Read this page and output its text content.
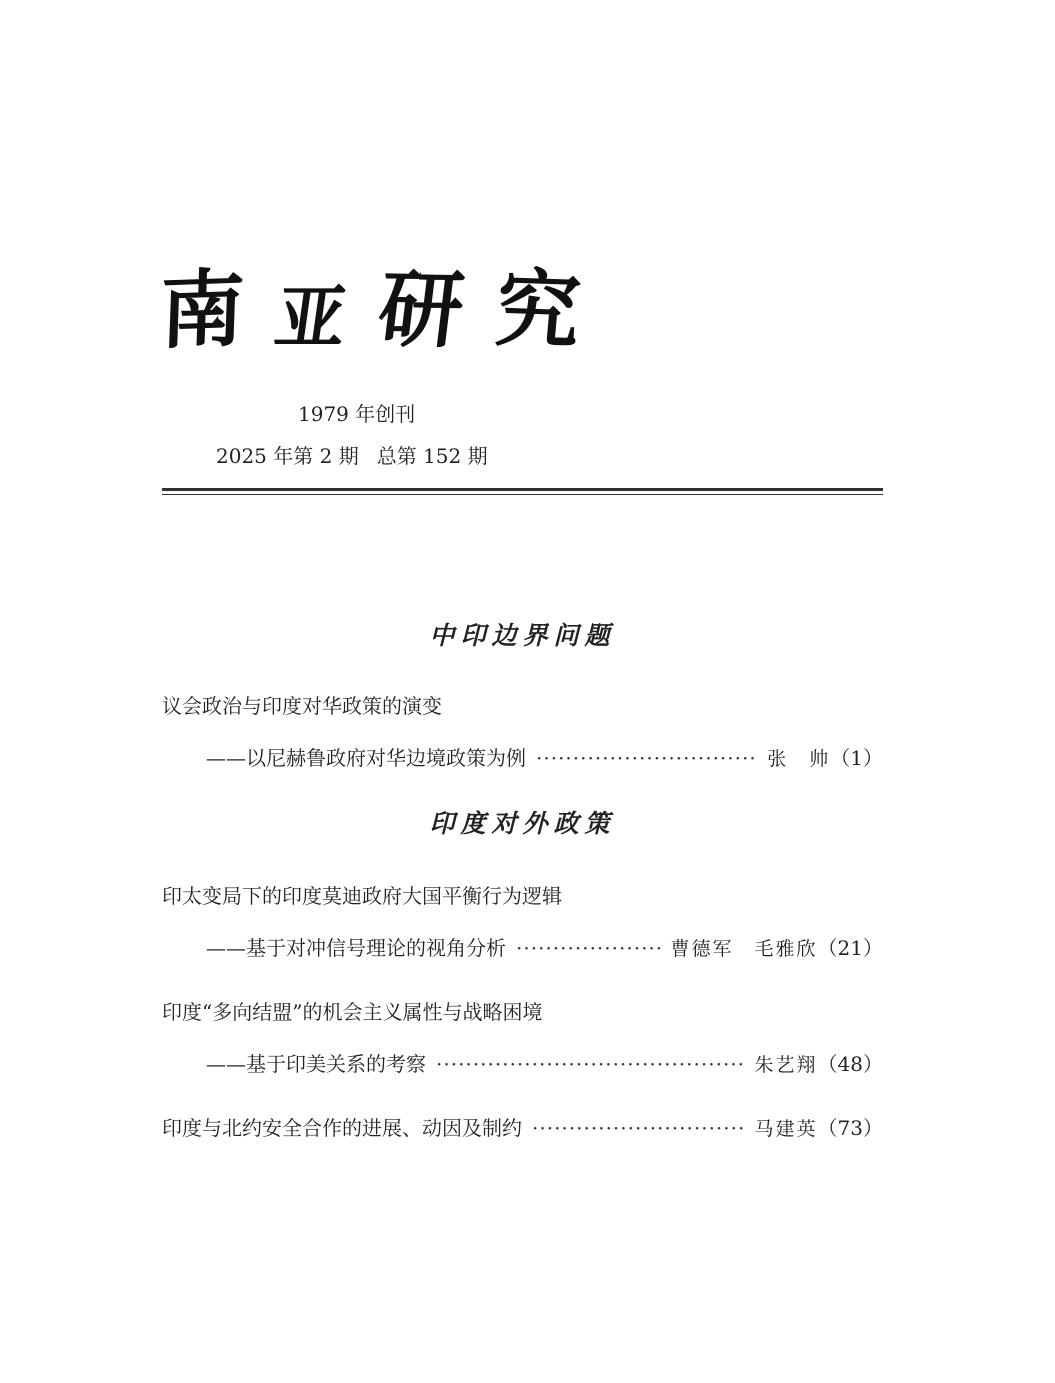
南 亚 研 究
1979 年创刊
2025 年第 2 期 总第 152 期
中印边界问题
议会政治与印度对华政策的演变
——以尼赫鲁政府对华边境政策为例 ·····	张　帅 （1）
印度对外政策
印太变局下的印度莫迪政府大国平衡行为逻辑
——基于对冲信号理论的视角分析 ·····	曹德军　毛雅欣 （21）
印度“多向结盟”的机会主义属性与战略困境
——基于印美关系的考察 ·····	朱艺翔 （48）
印度与北约安全合作的进展、动因及制约 ·····	马建英 （73）
